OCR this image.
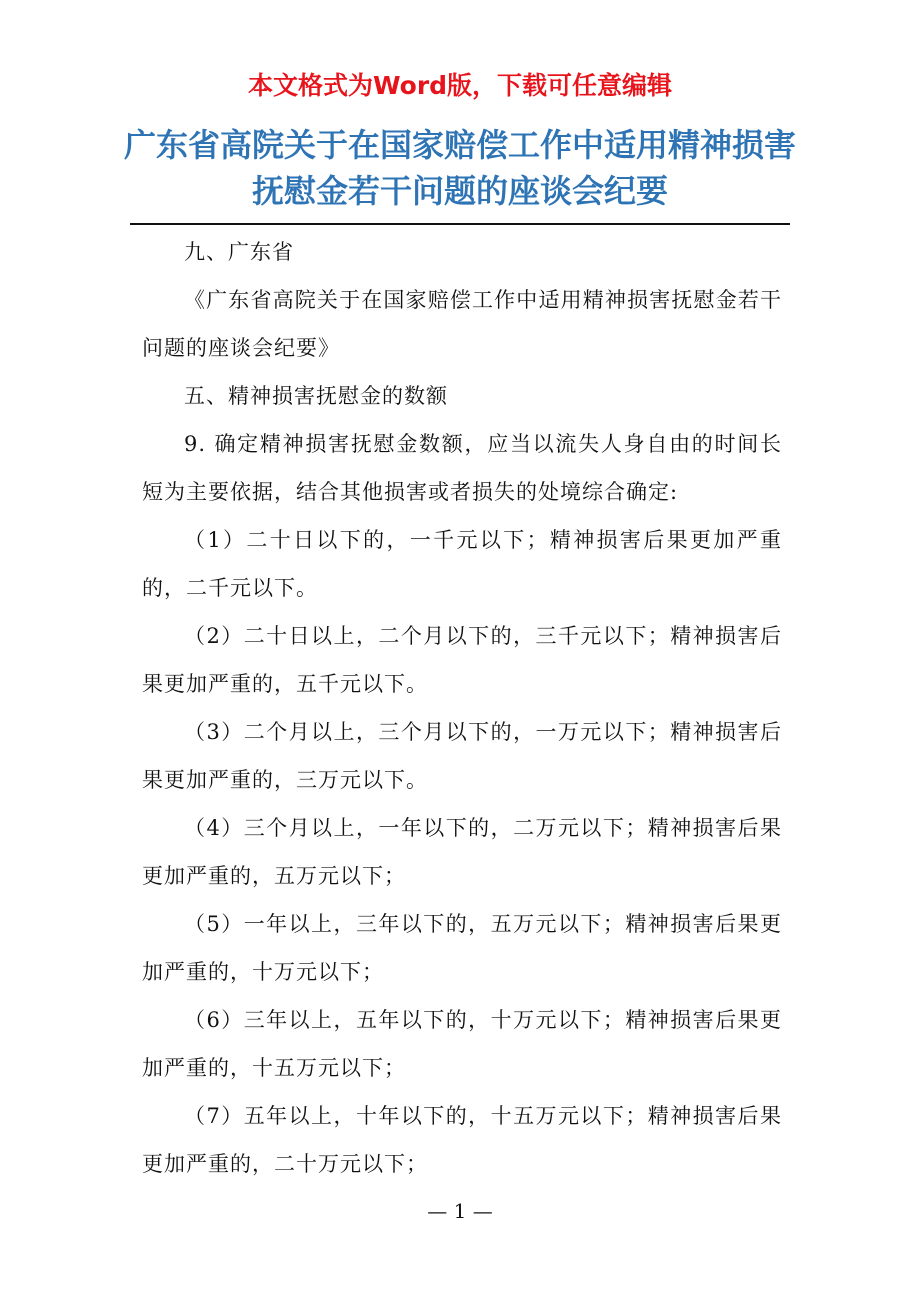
本文格式为Word版，下载可任意编辑
广东省高院关于在国家赔偿工作中适用精神损害抚慰金若干问题的座谈会纪要

九、广东省

《广东省高院关于在国家赔偿工作中适用精神损害抚慰金若干问题的座谈会纪要》

五、精神损害抚慰金的数额

9. 确定精神损害抚慰金数额，应当以流失人身自由的时间长短为主要依据，结合其他损害或者损失的处境综合确定:

（1）二十日以下的，一千元以下；精神损害后果更加严重的，二千元以下。

（2）二十日以上，二个月以下的，三千元以下；精神损害后果更加严重的，五千元以下。

（3）二个月以上，三个月以下的，一万元以下；精神损害后果更加严重的，三万元以下。

（4）三个月以上，一年以下的，二万元以下；精神损害后果更加严重的，五万元以下；

（5）一年以上，三年以下的，五万元以下；精神损害后果更加严重的，十万元以下；

（6）三年以上，五年以下的，十万元以下；精神损害后果更加严重的，十五万元以下；

（7）五年以上，十年以下的，十五万元以下；精神损害后果更加严重的，二十万元以下；

— 1 —
